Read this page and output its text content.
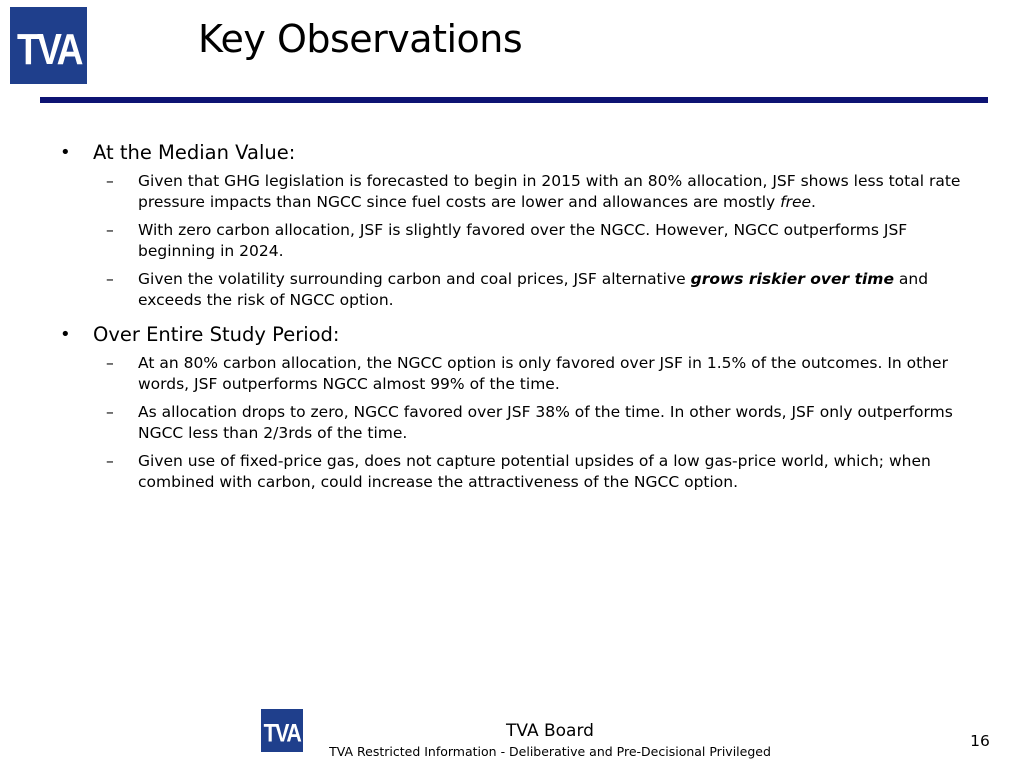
TVA	Key Observations
• At the Median Value:
– Given that GHG legislation is forecasted to begin in 2015 with an 80% allocation, JSF shows less total rate pressure impacts than NGCC since fuel costs are lower and allowances are mostly free.
– With zero carbon allocation, JSF is slightly favored over the NGCC. However, NGCC outperforms JSF beginning in 2024.
– Given the volatility surrounding carbon and coal prices, JSF alternative grows riskier over time and exceeds the risk of NGCC option.
• Over Entire Study Period:
– At an 80% carbon allocation, the NGCC option is only favored over JSF in 1.5% of the outcomes. In other words, JSF outperforms NGCC almost 99% of the time.
– As allocation drops to zero, NGCC favored over JSF 38% of the time. In other words, JSF only outperforms NGCC less than 2/3rds of the time.
– Given use of fixed-price gas, does not capture potential upsides of a low gas-price world, which; when combined with carbon, could increase the attractiveness of the NGCC option.
TVA	TVA Board
TVA Restricted Information - Deliberative and Pre-Decisional Privileged
16
